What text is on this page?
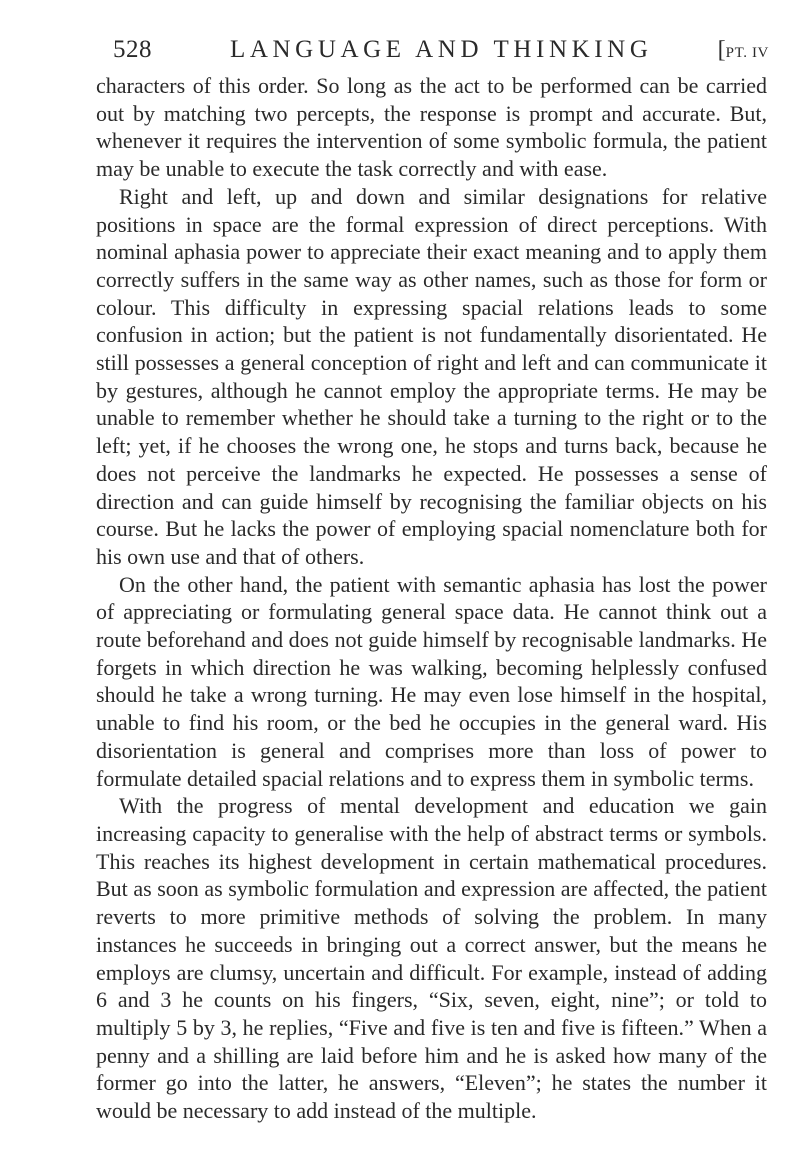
528	LANGUAGE AND THINKING	[PT. IV

characters of this order. So long as the act to be performed can be carried out by matching two percepts, the response is prompt and accurate. But, whenever it requires the intervention of some symbolic formula, the patient may be unable to execute the task correctly and with ease.

Right and left, up and down and similar designations for relative positions in space are the formal expression of direct perceptions. With nominal aphasia power to appreciate their exact meaning and to apply them correctly suffers in the same way as other names, such as those for form or colour. This difficulty in expressing spacial relations leads to some confusion in action; but the patient is not fundamentally disorientated. He still possesses a general conception of right and left and can communicate it by gestures, although he cannot employ the appropriate terms. He may be unable to remember whether he should take a turning to the right or to the left; yet, if he chooses the wrong one, he stops and turns back, because he does not perceive the landmarks he expected. He possesses a sense of direction and can guide himself by recognising the familiar objects on his course. But he lacks the power of employing spacial nomenclature both for his own use and that of others.

On the other hand, the patient with semantic aphasia has lost the power of appreciating or formulating general space data. He cannot think out a route beforehand and does not guide himself by recognisable landmarks. He forgets in which direction he was walking, becoming helplessly confused should he take a wrong turning. He may even lose himself in the hospital, unable to find his room, or the bed he occupies in the general ward. His disorientation is general and comprises more than loss of power to formulate detailed spacial relations and to express them in symbolic terms.

With the progress of mental development and education we gain increasing capacity to generalise with the help of abstract terms or symbols. This reaches its highest development in certain mathematical procedures. But as soon as symbolic formulation and expression are affected, the patient reverts to more primitive methods of solving the problem. In many instances he succeeds in bringing out a correct answer, but the means he employs are clumsy, uncertain and difficult. For example, instead of adding 6 and 3 he counts on his fingers, “Six, seven, eight, nine”; or told to multiply 5 by 3, he replies, “Five and five is ten and five is fifteen.” When a penny and a shilling are laid before him and he is asked how many of the former go into the latter, he answers, “Eleven”; he states the number it would be necessary to add instead of the multiple.
